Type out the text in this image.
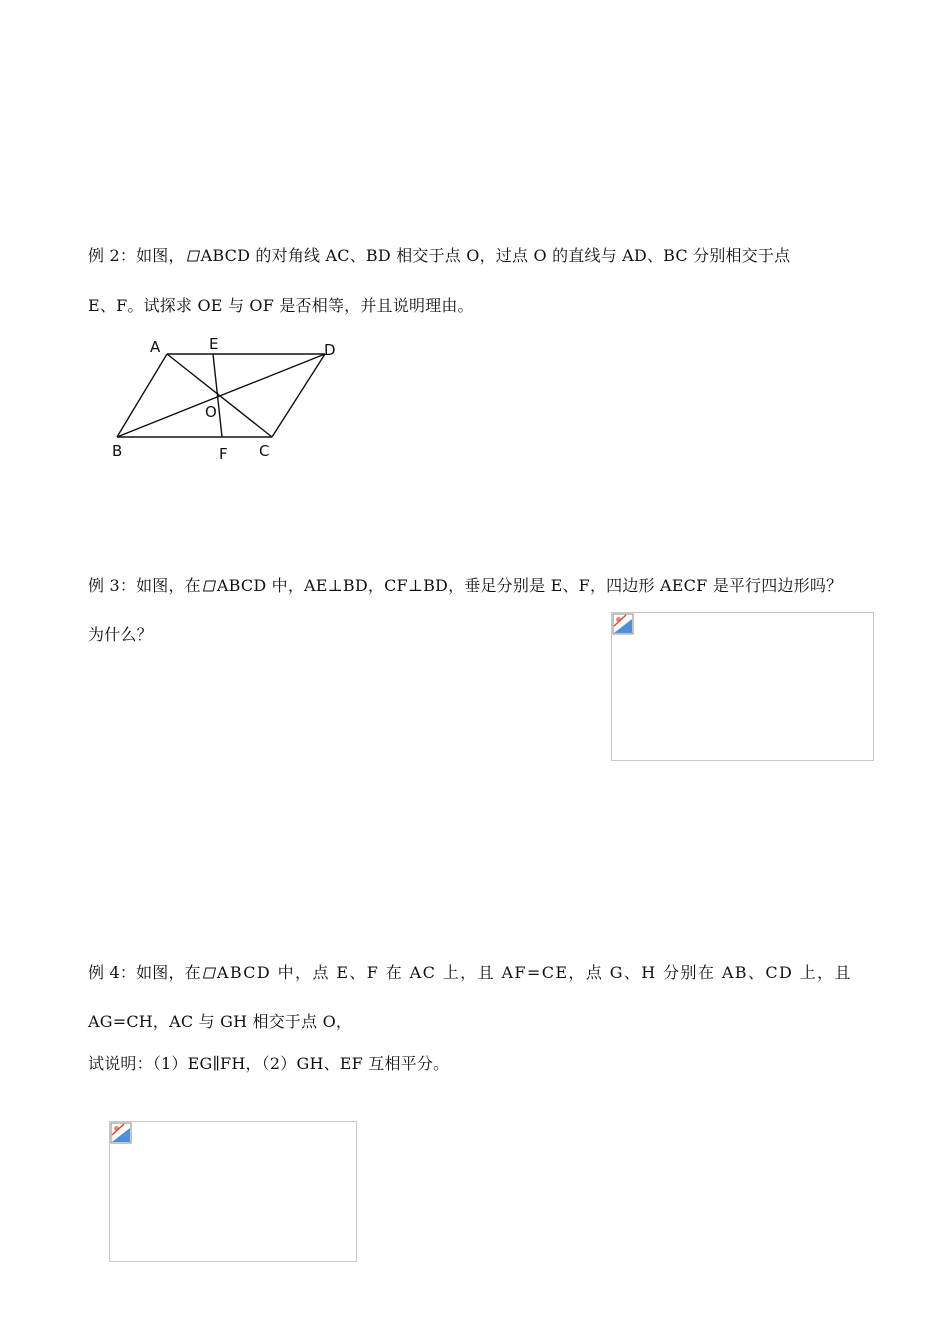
例 2：如图， ABCD 的对角线 AC、BD 相交于点 O，过点 O 的直线与 AD、BC 分别相交于点
E、F。试探求 OE 与 OF 是否相等，并且说明理由。
A	E	D
O
B	F C
例 3：如图，在 ABCD 中，AE⊥BD，CF⊥BD，垂足分别是 E、F，四边形 AECF 是平行四边形吗？
为什么？
例 4：如图，在 ABCD 中，点 E、F 在 AC 上，且 AF=CE，点 G、H 分别在 AB、CD 上，且
AG=CH，AC 与 GH 相交于点 O，
试说明：（1）EG∥FH，（2）GH、EF 互相平分。
